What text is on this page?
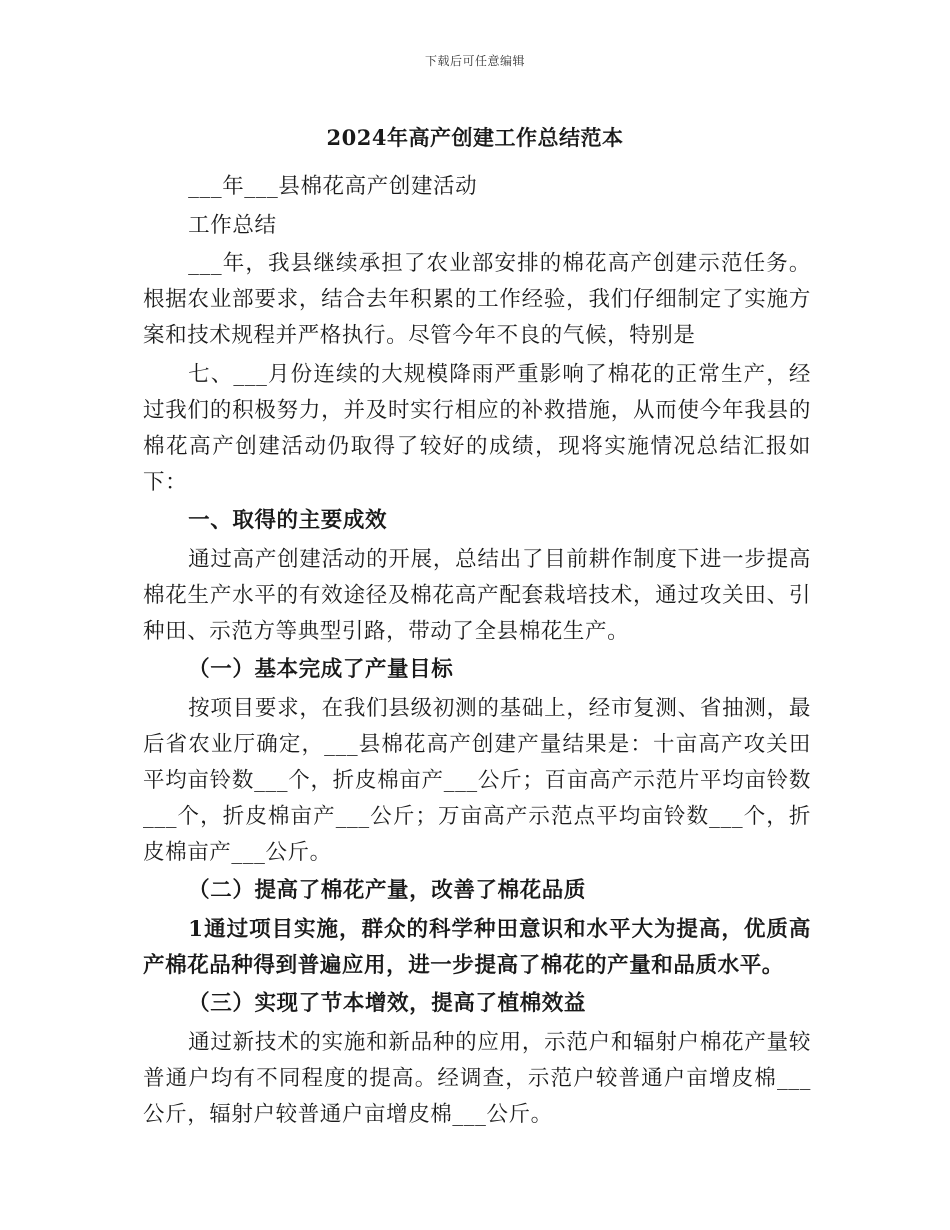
下载后可任意编辑
2024年高产创建工作总结范本

___年___县棉花高产创建活动

工作总结

___年，我县继续承担了农业部安排的棉花高产创建示范任务。根据农业部要求，结合去年积累的工作经验，我们仔细制定了实施方案和技术规程并严格执行。尽管今年不良的气候，特别是

七、___月份连续的大规模降雨严重影响了棉花的正常生产，经过我们的积极努力，并及时实行相应的补救措施，从而使今年我县的棉花高产创建活动仍取得了较好的成绩，现将实施情况总结汇报如下：

一、取得的主要成效

通过高产创建活动的开展，总结出了目前耕作制度下进一步提高棉花生产水平的有效途径及棉花高产配套栽培技术，通过攻关田、引种田、示范方等典型引路，带动了全县棉花生产。

（一）基本完成了产量目标

按项目要求，在我们县级初测的基础上，经市复测、省抽测，最后省农业厅确定，___县棉花高产创建产量结果是：十亩高产攻关田平均亩铃数___个，折皮棉亩产___公斤；百亩高产示范片平均亩铃数___个，折皮棉亩产___公斤；万亩高产示范点平均亩铃数___个，折皮棉亩产___公斤。

（二）提高了棉花产量，改善了棉花品质

1通过项目实施，群众的科学种田意识和水平大为提高，优质高产棉花品种得到普遍应用，进一步提高了棉花的产量和品质水平。

（三）实现了节本增效，提高了植棉效益

通过新技术的实施和新品种的应用，示范户和辐射户棉花产量较普通户均有不同程度的提高。经调查，示范户较普通户亩增皮棉___公斤，辐射户较普通户亩增皮棉___公斤。
